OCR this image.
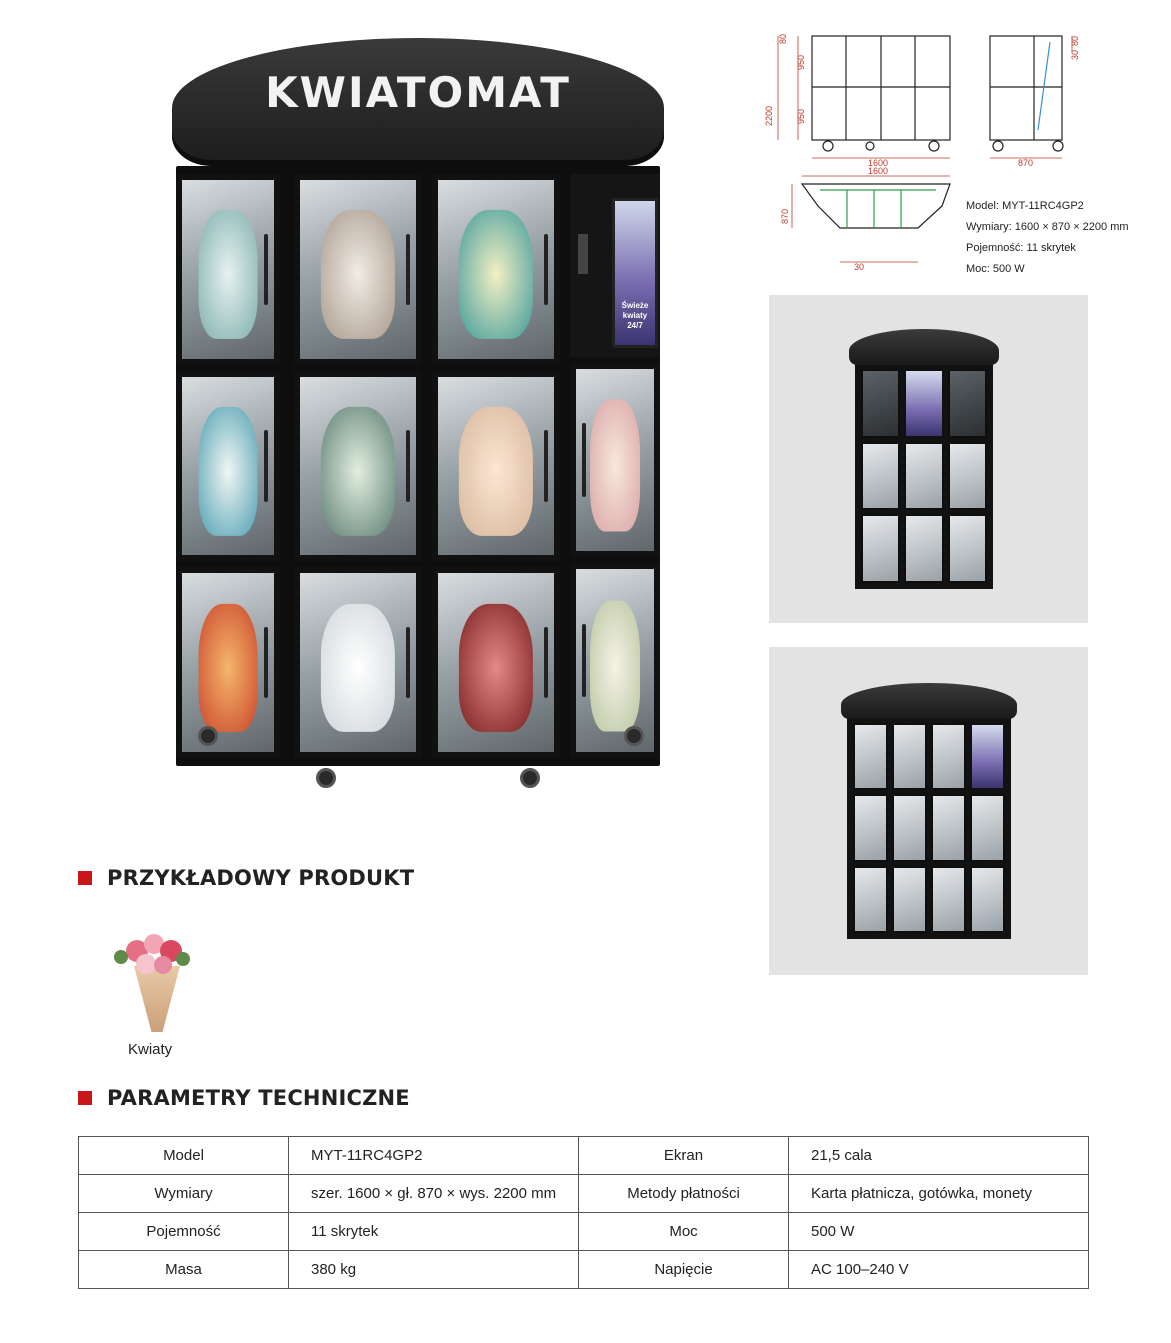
KWIATOMAT
Świeże kwiaty 24/7
80
950
950
2200
1600
80
30
870
1600
870
30
Model: MYT-11RC4GP2
Wymiary: 1600 × 870 × 2200 mm
Pojemność: 11 skrytek
Moc: 500 W
PRZYKŁADOWY PRODUKT
Kwiaty
PARAMETRY TECHNICZNE
Model	MYT-11RC4GP2	Ekran	21,5 cala
Wymiary	szer. 1600 × gł. 870 × wys. 2200 mm	Metody płatności	Karta płatnicza, gotówka, monety
Pojemność	11 skrytek	Moc	500 W
Masa	380 kg	Napięcie	AC 100–240 V
